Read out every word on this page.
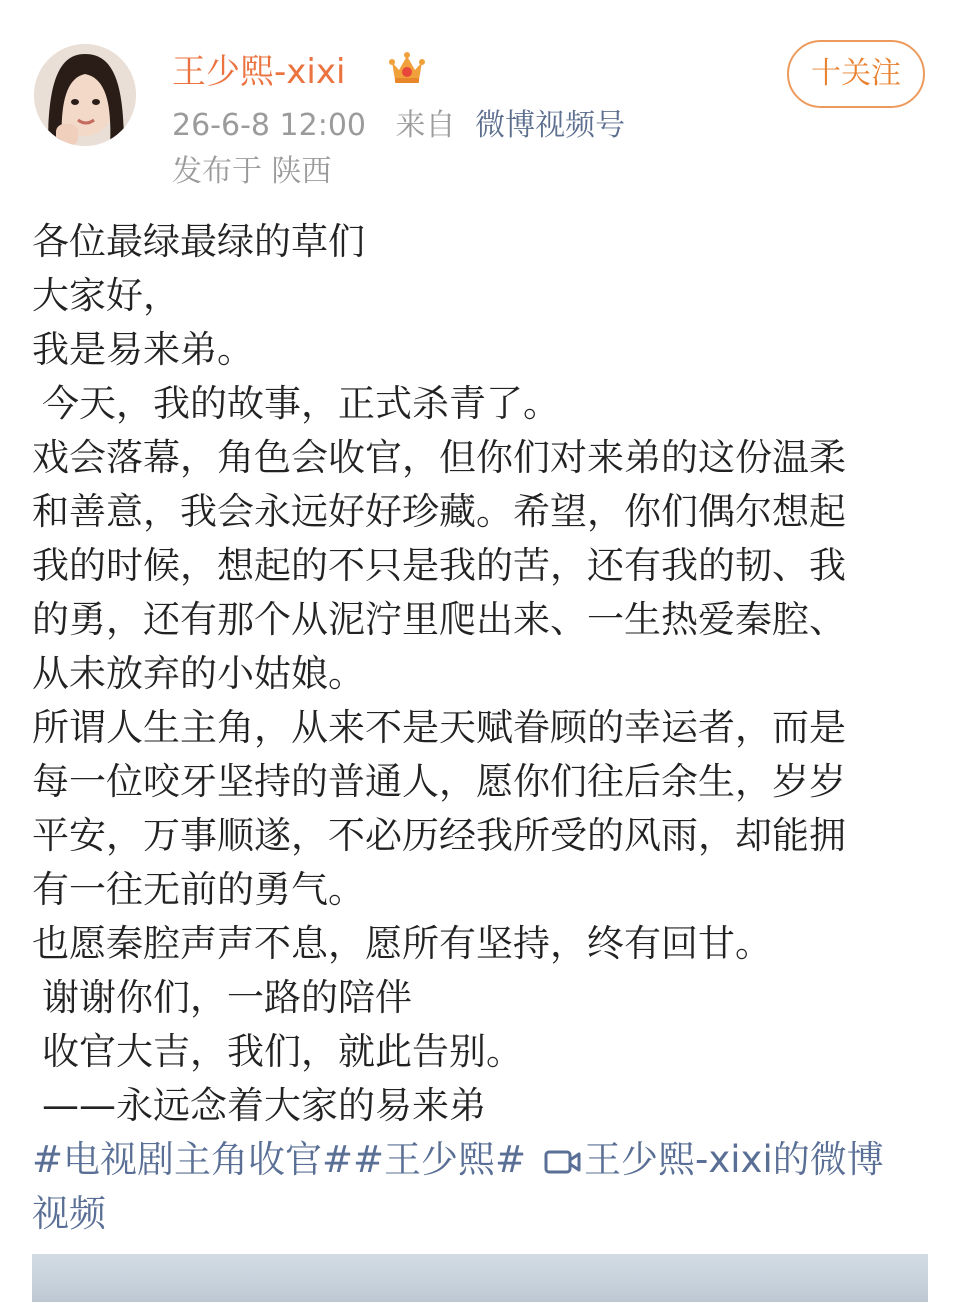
王少熙-xixi
26-6-8 12:00 来自 微博视频号
发布于 陕西
十关注
各位最绿最绿的草们
大家好，
我是易来弟。
今天，我的故事，正式杀青了。
戏会落幕，角色会收官，但你们对来弟的这份温柔
和善意，我会永远好好珍藏。希望，你们偶尔想起
我的时候，想起的不只是我的苦，还有我的韧、我
的勇，还有那个从泥泞里爬出来、一生热爱秦腔、
从未放弃的小姑娘。
所谓人生主角，从来不是天赋眷顾的幸运者，而是
每一位咬牙坚持的普通人，愿你们往后余生，岁岁
平安，万事顺遂，不必历经我所受的风雨，却能拥
有一往无前的勇气。
也愿秦腔声声不息，愿所有坚持，终有回甘。
谢谢你们，一路的陪伴
收官大吉，我们，就此告别。
——永远念着大家的易来弟
#电视剧主角收官##王少熙# 王少熙-xixi的微博
视频
